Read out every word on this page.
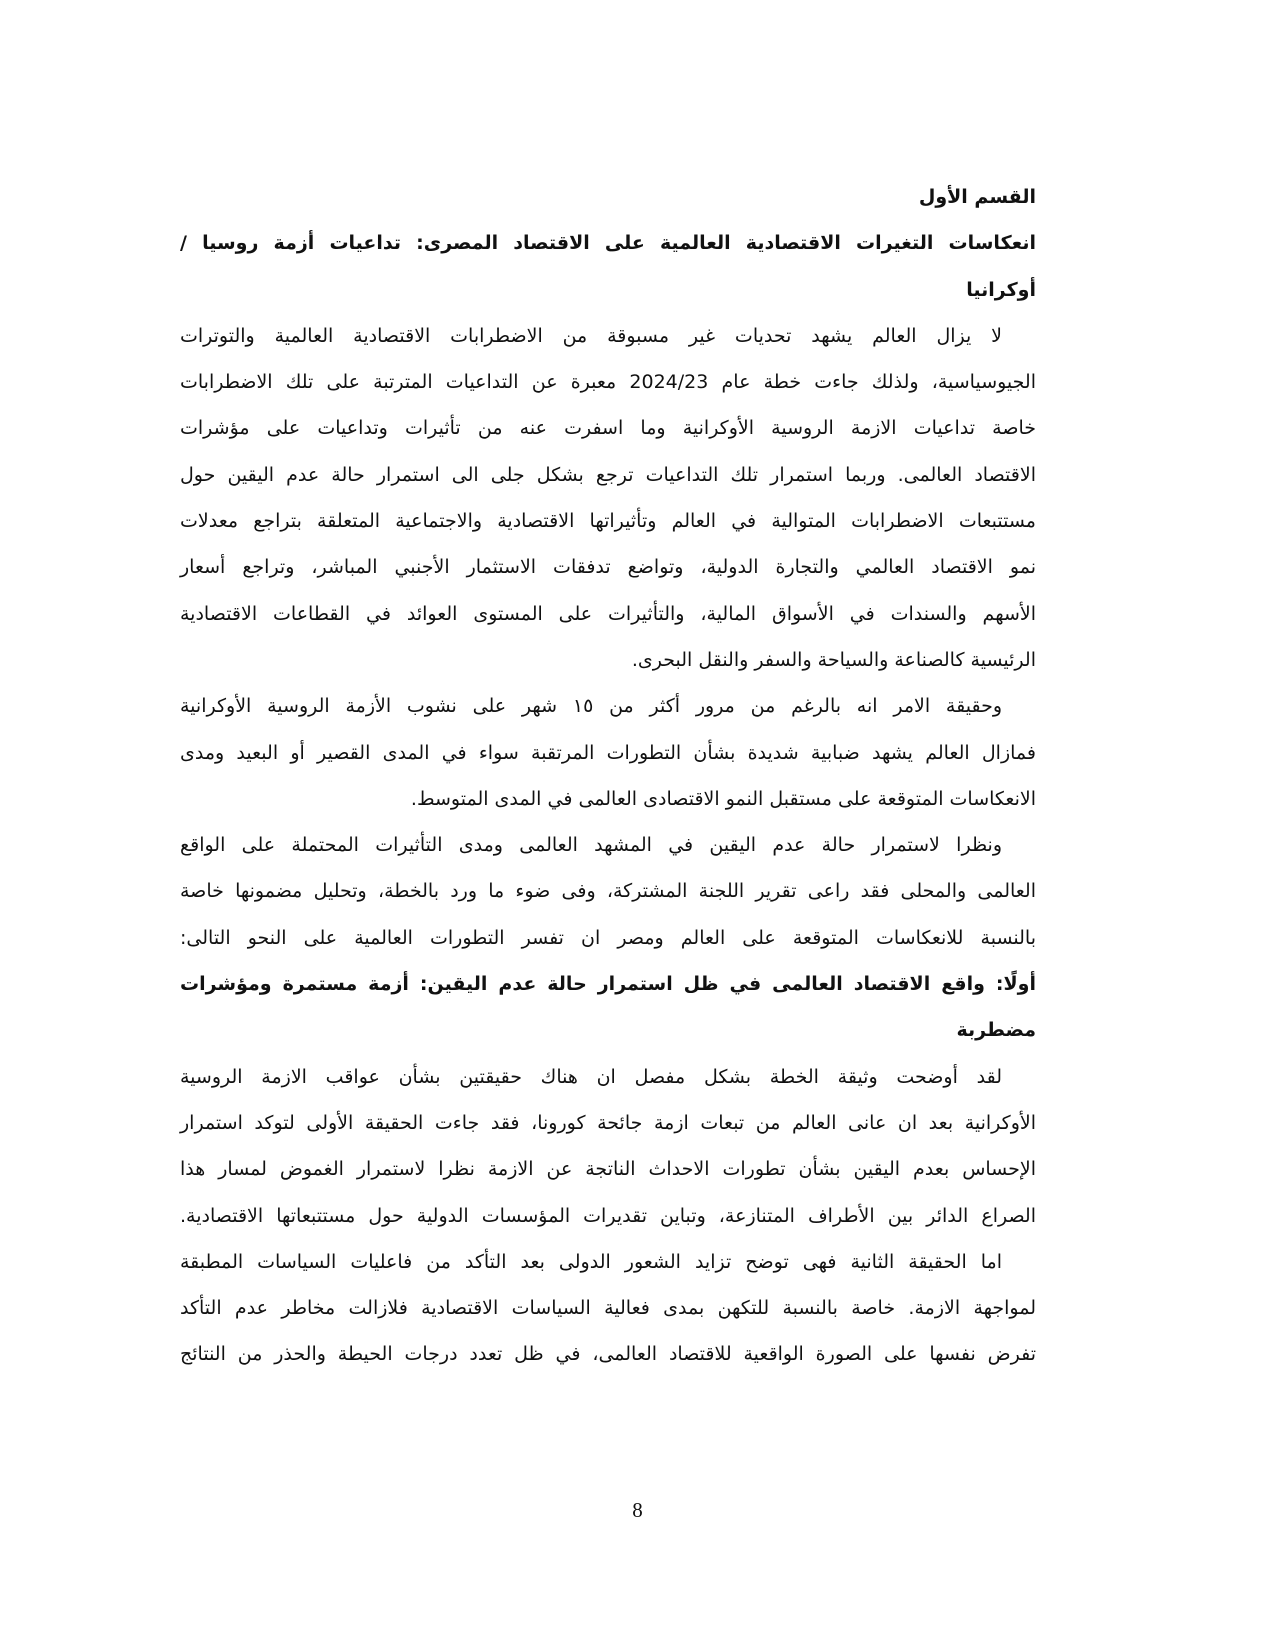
القسم الأول
انعكاسات التغيرات الاقتصادية العالمية على الاقتصاد المصرى: تداعيات أزمة روسيا /
أوكرانيا
لا يزال العالم يشهد تحديات غير مسبوقة من الاضطرابات الاقتصادية العالمية والتوترات
الجيوسياسية، ولذلك جاءت خطة عام 2024/23 معبرة عن التداعيات المترتبة على تلك الاضطرابات
خاصة تداعيات الازمة الروسية الأوكرانية وما اسفرت عنه من تأثيرات وتداعيات على مؤشرات
الاقتصاد العالمى. وربما استمرار تلك التداعيات ترجع بشكل جلى الى استمرار حالة عدم اليقين حول
مستتبعات الاضطرابات المتوالية في العالم وتأثيراتها الاقتصادية والاجتماعية المتعلقة بتراجع معدلات
نمو الاقتصاد العالمي والتجارة الدولية، وتواضع تدفقات الاستثمار الأجنبي المباشر، وتراجع أسعار
الأسهم والسندات في الأسواق المالية، والتأثيرات على المستوى العوائد في القطاعات الاقتصادية
الرئيسية كالصناعة والسياحة والسفر والنقل البحرى.
وحقيقة الامر انه بالرغم من مرور أكثر من ١٥ شهر على نشوب الأزمة الروسية الأوكرانية
فمازال العالم يشهد ضبابية شديدة بشأن التطورات المرتقبة سواء في المدى القصير أو البعيد ومدى
الانعكاسات المتوقعة على مستقبل النمو الاقتصادى العالمى في المدى المتوسط.
ونظرا لاستمرار حالة عدم اليقين في المشهد العالمى ومدى التأثيرات المحتملة على الواقع
العالمى والمحلى فقد راعى تقرير اللجنة المشتركة، وفى ضوء ما ورد بالخطة، وتحليل مضمونها خاصة
بالنسبة للانعكاسات المتوقعة على العالم ومصر ان تفسر التطورات العالمية على النحو التالى:
أولًا: واقع الاقتصاد العالمى في ظل استمرار حالة عدم اليقين: أزمة مستمرة ومؤشرات
مضطربة
لقد أوضحت وثيقة الخطة بشكل مفصل ان هناك حقيقتين بشأن عواقب الازمة الروسية
الأوكرانية بعد ان عانى العالم من تبعات ازمة جائحة كورونا، فقد جاءت الحقيقة الأولى لتوكد استمرار
الإحساس بعدم اليقين بشأن تطورات الاحداث الناتجة عن الازمة نظرا لاستمرار الغموض لمسار هذا
الصراع الدائر بين الأطراف المتنازعة، وتباين تقديرات المؤسسات الدولية حول مستتبعاتها الاقتصادية.
اما الحقيقة الثانية فهى توضح تزايد الشعور الدولى بعد التأكد من فاعليات السياسات المطبقة
لمواجهة الازمة. خاصة بالنسبة للتكهن بمدى فعالية السياسات الاقتصادية فلازالت مخاطر عدم التأكد
تفرض نفسها على الصورة الواقعية للاقتصاد العالمى، في ظل تعدد درجات الحيطة والحذر من النتائج
8
